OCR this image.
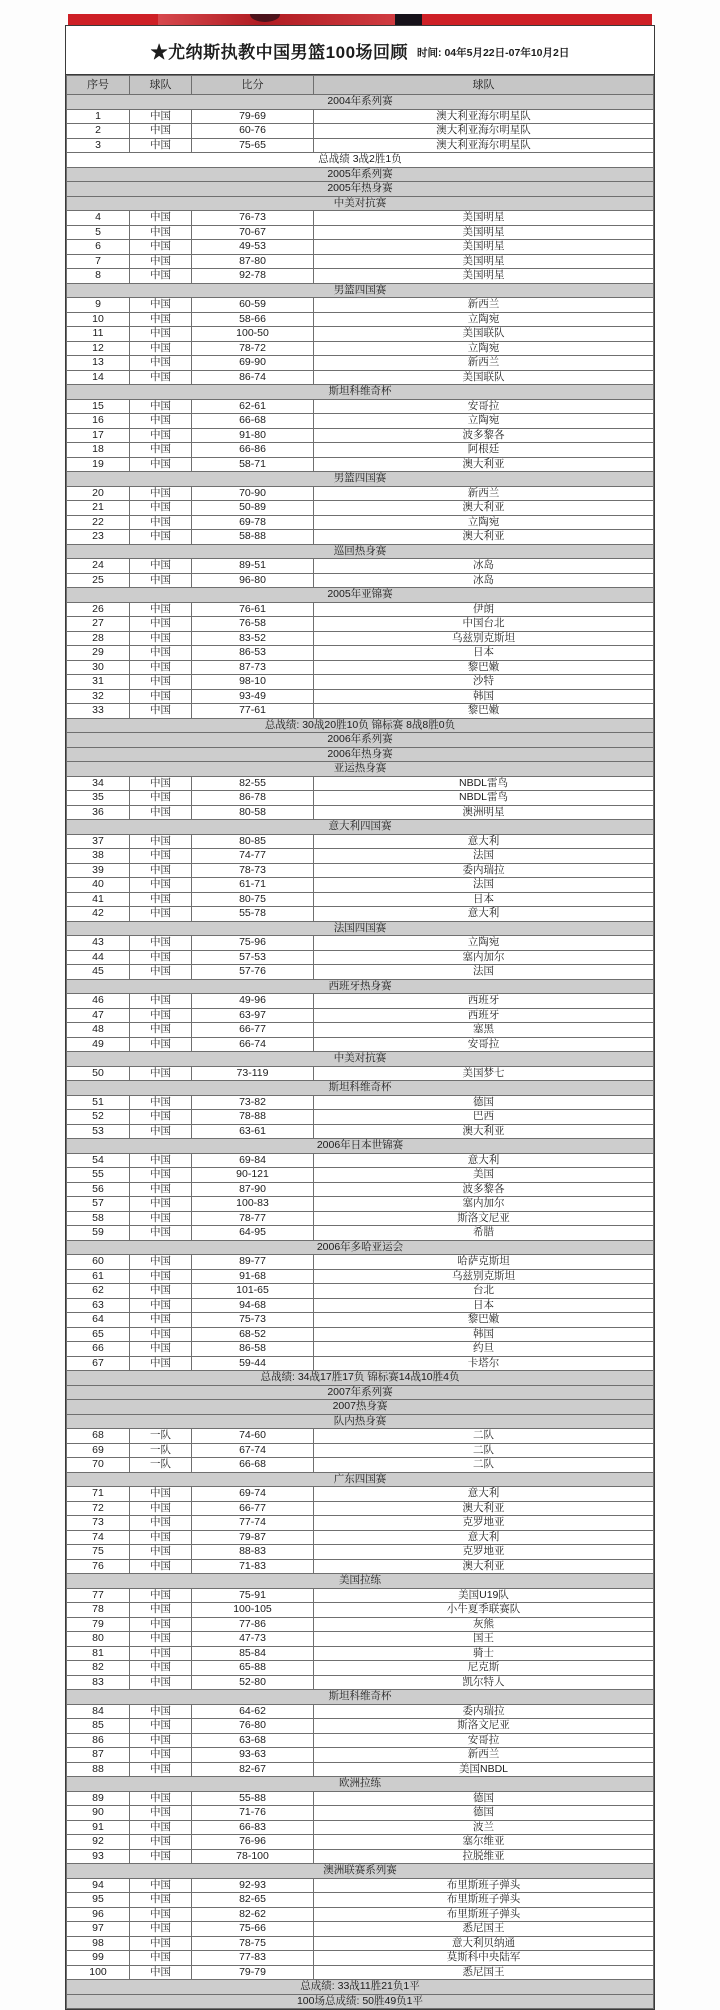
★尤纳斯执教中国男篮100场回顾 时间: 04年5月22日-07年10月2日
序号	球队	比分	球队
2004年系列赛			
1	中国	79-69	澳大利亚海尔明星队
2	中国	60-76	澳大利亚海尔明星队
3	中国	75-65	澳大利亚海尔明星队
总战绩 3战2胜1负			
2005年系列赛			
2005年热身赛			
中美对抗赛			
4	中国	76-73	美国明星
5	中国	70-67	美国明星
6	中国	49-53	美国明星
7	中国	87-80	美国明星
8	中国	92-78	美国明星
男篮四国赛			
9	中国	60-59	新西兰
10	中国	58-66	立陶宛
11	中国	100-50	美国联队
12	中国	78-72	立陶宛
13	中国	69-90	新西兰
14	中国	86-74	美国联队
斯坦科维奇杯			
15	中国	62-61	安哥拉
16	中国	66-68	立陶宛
17	中国	91-80	波多黎各
18	中国	66-86	阿根廷
19	中国	58-71	澳大利亚
男篮四国赛			
20	中国	70-90	新西兰
21	中国	50-89	澳大利亚
22	中国	69-78	立陶宛
23	中国	58-88	澳大利亚
巡回热身赛			
24	中国	89-51	冰岛
25	中国	96-80	冰岛
2005年亚锦赛			
26	中国	76-61	伊朗
27	中国	76-58	中国台北
28	中国	83-52	乌兹别克斯坦
29	中国	86-53	日本
30	中国	87-73	黎巴嫩
31	中国	98-10	沙特
32	中国	93-49	韩国
33	中国	77-61	黎巴嫩
总战绩: 30战20胜10负 锦标赛 8战8胜0负			
2006年系列赛			
2006年热身赛			
亚运热身赛			
34	中国	82-55	NBDL雷鸟
35	中国	86-78	NBDL雷鸟
36	中国	80-58	澳洲明星
意大利四国赛			
37	中国	80-85	意大利
38	中国	74-77	法国
39	中国	78-73	委内瑞拉
40	中国	61-71	法国
41	中国	80-75	日本
42	中国	55-78	意大利
法国四国赛			
43	中国	75-96	立陶宛
44	中国	57-53	塞内加尔
45	中国	57-76	法国
西班牙热身赛			
46	中国	49-96	西班牙
47	中国	63-97	西班牙
48	中国	66-77	塞黑
49	中国	66-74	安哥拉
中美对抗赛			
50	中国	73-119	美国梦七
斯坦科维奇杯			
51	中国	73-82	德国
52	中国	78-88	巴西
53	中国	63-61	澳大利亚
2006年日本世锦赛			
54	中国	69-84	意大利
55	中国	90-121	美国
56	中国	87-90	波多黎各
57	中国	100-83	塞内加尔
58	中国	78-77	斯洛文尼亚
59	中国	64-95	希腊
2006年多哈亚运会			
60	中国	89-77	哈萨克斯坦
61	中国	91-68	乌兹别克斯坦
62	中国	101-65	台北
63	中国	94-68	日本
64	中国	75-73	黎巴嫩
65	中国	68-52	韩国
66	中国	86-58	约旦
67	中国	59-44	卡塔尔
总战绩: 34战17胜17负 锦标赛14战10胜4负			
2007年系列赛			
2007热身赛			
队内热身赛			
68	一队	74-60	二队
69	一队	67-74	二队
70	一队	66-68	二队
广东四国赛			
71	中国	69-74	意大利
72	中国	66-77	澳大利亚
73	中国	77-74	克罗地亚
74	中国	79-87	意大利
75	中国	88-83	克罗地亚
76	中国	71-83	澳大利亚
美国拉练			
77	中国	75-91	美国U19队
78	中国	100-105	小牛夏季联赛队
79	中国	77-86	灰熊
80	中国	47-73	国王
81	中国	85-84	骑士
82	中国	65-88	尼克斯
83	中国	52-80	凯尔特人
斯坦科维奇杯			
84	中国	64-62	委内瑞拉
85	中国	76-80	斯洛文尼亚
86	中国	63-68	安哥拉
87	中国	93-63	新西兰
88	中国	82-67	美国NBDL
欧洲拉练			
89	中国	55-88	德国
90	中国	71-76	德国
91	中国	66-83	波兰
92	中国	76-96	塞尔维亚
93	中国	78-100	拉脱维亚
澳洲联赛系列赛			
94	中国	92-93	布里斯班子弹头
95	中国	82-65	布里斯班子弹头
96	中国	82-62	布里斯班子弹头
97	中国	75-66	悉尼国王
98	中国	78-75	意大利贝纳通
99	中国	77-83	莫斯科中央陆军
100	中国	79-79	悉尼国王
总成绩: 33战11胜21负1平			
100场总成绩: 50胜49负1平			
